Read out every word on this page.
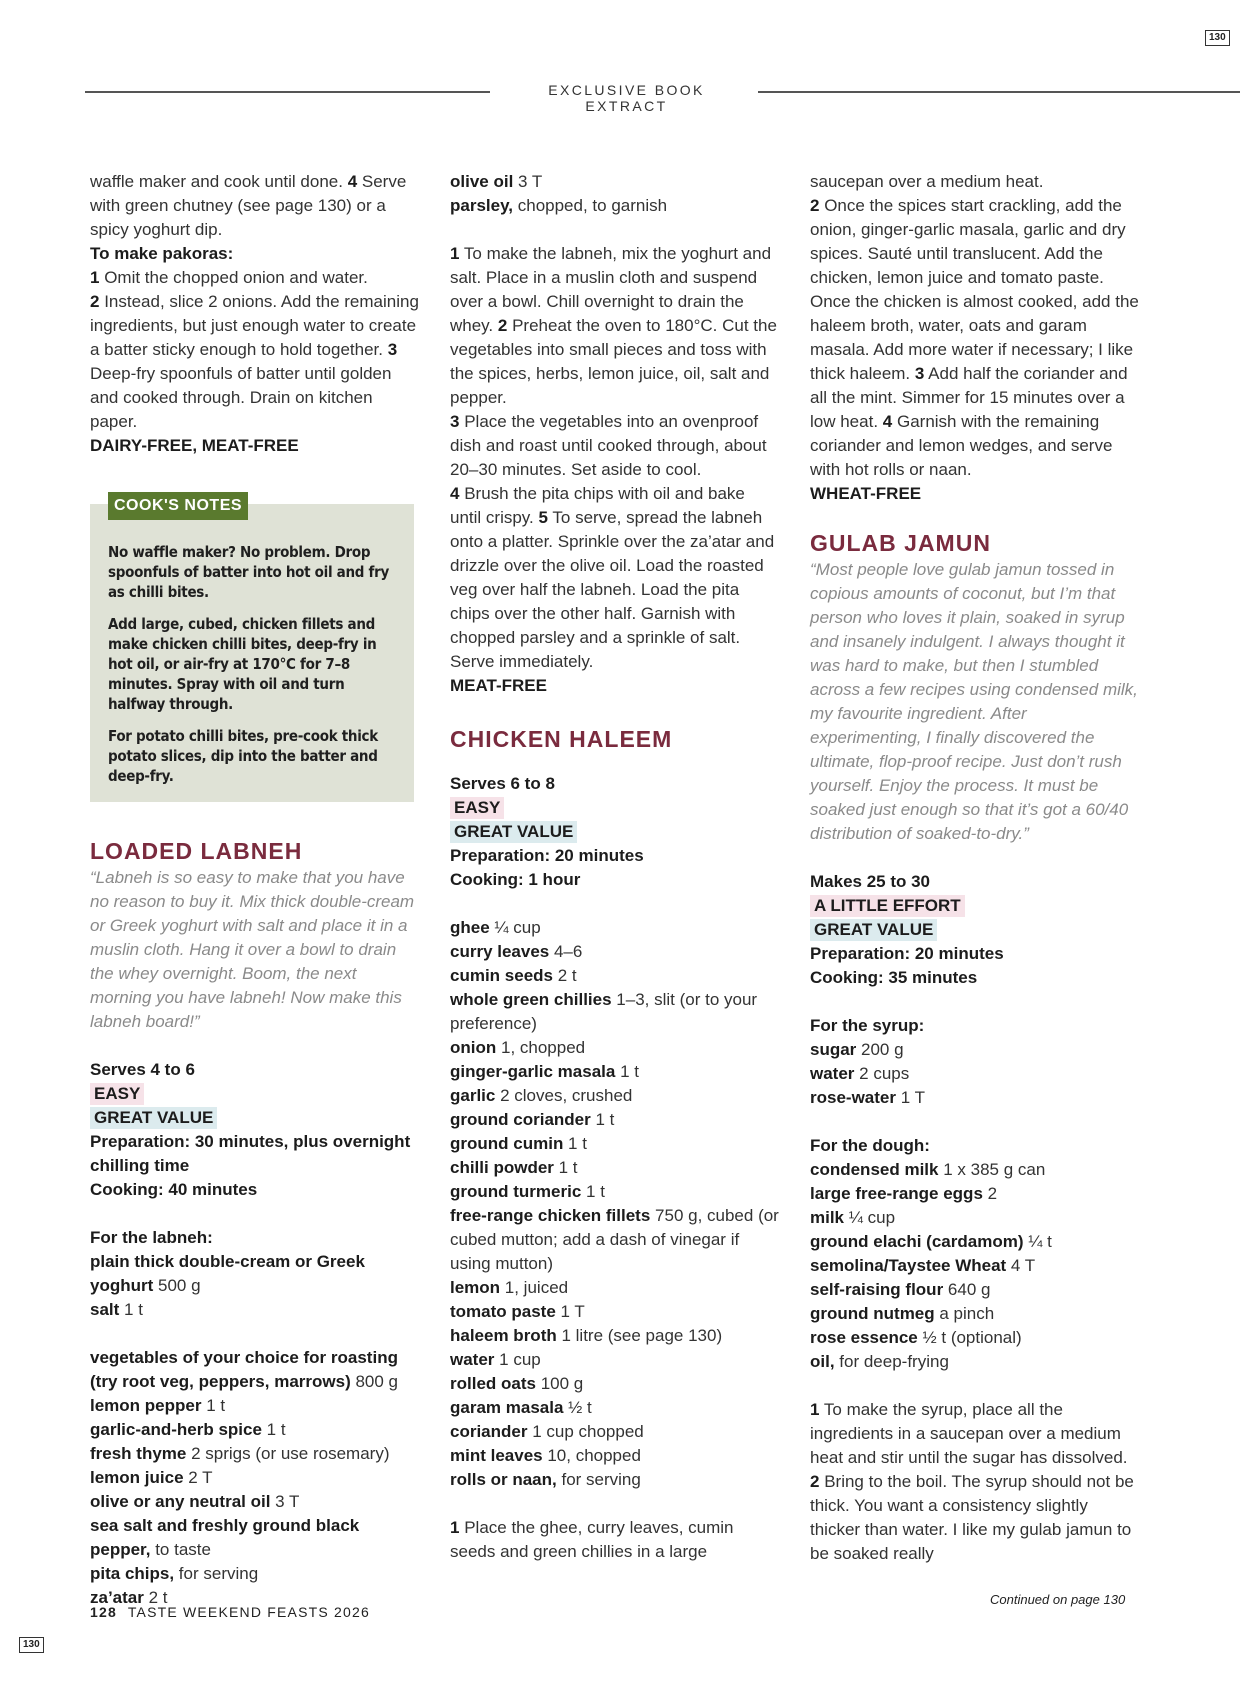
130
130
EXCLUSIVE BOOK EXTRACT

waffle maker and cook until done. 4 Serve with green chutney (see page 130) or a spicy yoghurt dip.

To make pakoras:

1 Omit the chopped onion and water.

2 Instead, slice 2 onions. Add the remaining ingredients, but just enough water to create a batter sticky enough to hold together. 3 Deep-fry spoonfuls of batter until golden and cooked through. Drain on kitchen paper.

DAIRY-FREE, MEAT-FREE

COOK'S NOTES

No waffle maker? No problem. Drop spoonfuls of batter into hot oil and fry as chilli bites.

Add large, cubed, chicken fillets and make chicken chilli bites, deep-fry in hot oil, or air-fry at 170°C for 7–8 minutes. Spray with oil and turn halfway through.

For potato chilli bites, pre-cook thick potato slices, dip into the batter and deep-fry.

LOADED LABNEH

“Labneh is so easy to make that you have no reason to buy it. Mix thick double-cream or Greek yoghurt with salt and place it in a muslin cloth. Hang it over a bowl to drain the whey overnight. Boom, the next morning you have labneh! Now make this labneh board!”

Serves 4 to 6

EASY

GREAT VALUE

Preparation: 30 minutes, plus overnight chilling time

Cooking: 40 minutes

For the labneh:

plain thick double-cream or Greek yoghurt 500 g

salt 1 t

vegetables of your choice for roasting (try root veg, peppers, marrows) 800 g

lemon pepper 1 t

garlic-and-herb spice 1 t

fresh thyme 2 sprigs (or use rosemary)

lemon juice 2 T

olive or any neutral oil 3 T

sea salt and freshly ground black pepper, to taste

pita chips, for serving

za’atar 2 t

olive oil 3 T

parsley, chopped, to garnish

1 To make the labneh, mix the yoghurt and salt. Place in a muslin cloth and suspend over a bowl. Chill overnight to drain the whey. 2 Preheat the oven to 180°C. Cut the vegetables into small pieces and toss with the spices, herbs, lemon juice, oil, salt and pepper.

3 Place the vegetables into an ovenproof dish and roast until cooked through, about 20–30 minutes. Set aside to cool.

4 Brush the pita chips with oil and bake until crispy. 5 To serve, spread the labneh onto a platter. Sprinkle over the za’atar and drizzle over the olive oil. Load the roasted veg over half the labneh. Load the pita chips over the other half. Garnish with chopped parsley and a sprinkle of salt. Serve immediately.

MEAT-FREE

CHICKEN HALEEM

Serves 6 to 8

EASY

GREAT VALUE

Preparation: 20 minutes

Cooking: 1 hour

ghee ¼ cup

curry leaves 4–6

cumin seeds 2 t

whole green chillies 1–3, slit (or to your preference)

onion 1, chopped

ginger-garlic masala 1 t

garlic 2 cloves, crushed

ground coriander 1 t

ground cumin 1 t

chilli powder 1 t

ground turmeric 1 t

free-range chicken fillets 750 g, cubed (or cubed mutton; add a dash of vinegar if using mutton)

lemon 1, juiced

tomato paste 1 T

haleem broth 1 litre (see page 130)

water 1 cup

rolled oats 100 g

garam masala ½ t

coriander 1 cup chopped

mint leaves 10, chopped

rolls or naan, for serving

1 Place the ghee, curry leaves, cumin seeds and green chillies in a large

saucepan over a medium heat.

2 Once the spices start crackling, add the onion, ginger-garlic masala, garlic and dry spices. Sauté until translucent. Add the chicken, lemon juice and tomato paste. Once the chicken is almost cooked, add the haleem broth, water, oats and garam masala. Add more water if necessary; I like thick haleem. 3 Add half the coriander and all the mint. Simmer for 15 minutes over a low heat. 4 Garnish with the remaining coriander and lemon wedges, and serve with hot rolls or naan.

WHEAT-FREE

GULAB JAMUN

“Most people love gulab jamun tossed in copious amounts of coconut, but I’m that person who loves it plain, soaked in syrup and insanely indulgent. I always thought it was hard to make, but then I stumbled across a few recipes using condensed milk, my favourite ingredient. After experimenting, I finally discovered the ultimate, flop-proof recipe. Just don’t rush yourself. Enjoy the process. It must be soaked just enough so that it’s got a 60/40 distribution of soaked-to-dry.”

Makes 25 to 30

A LITTLE EFFORT

GREAT VALUE

Preparation: 20 minutes

Cooking: 35 minutes

For the syrup:

sugar 200 g

water 2 cups

rose-water 1 T

For the dough:

condensed milk 1 x 385 g can

large free-range eggs 2

milk ¼ cup

ground elachi (cardamom) ¼ t

semolina/Taystee Wheat 4 T

self-raising flour 640 g

ground nutmeg a pinch

rose essence ½ t (optional)

oil, for deep-frying

1 To make the syrup, place all the ingredients in a saucepan over a medium heat and stir until the sugar has dissolved. 2 Bring to the boil. The syrup should not be thick. You want a consistency slightly thicker than water. I like my gulab jamun to be soaked really

128 TASTE WEEKEND FEASTS 2026
Continued on page 130
